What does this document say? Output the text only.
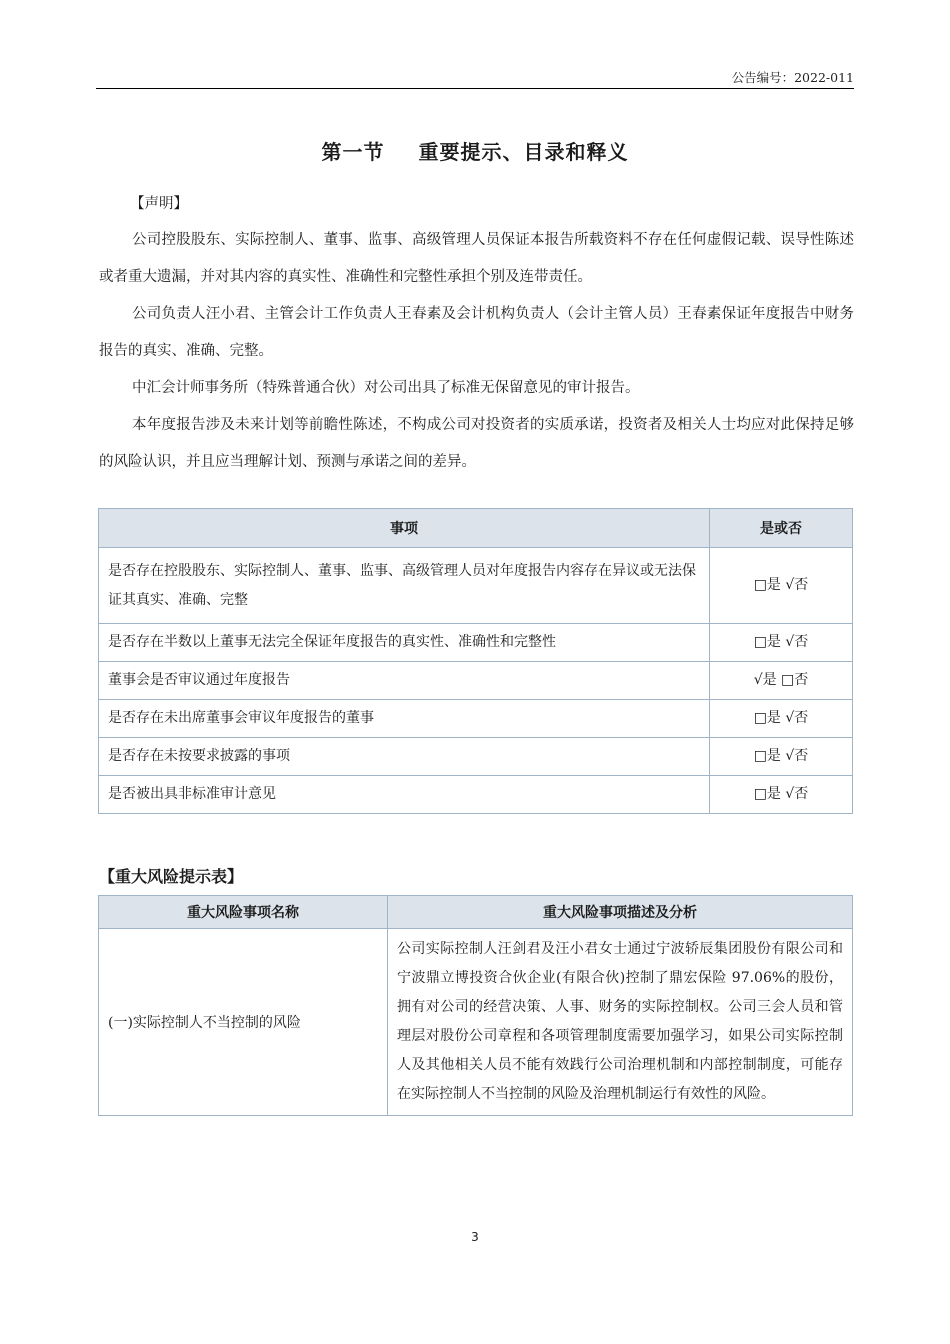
公告编号：2022-011
第一节 重要提示、目录和释义
【声明】
公司控股股东、实际控制人、董事、监事、高级管理人员保证本报告所载资料不存在任何虚假记载、误导性陈述或者重大遗漏，并对其内容的真实性、准确性和完整性承担个别及连带责任。
公司负责人汪小君、主管会计工作负责人王春素及会计机构负责人（会计主管人员）王春素保证年度报告中财务报告的真实、准确、完整。
中汇会计师事务所（特殊普通合伙）对公司出具了标准无保留意见的审计报告。
本年度报告涉及未来计划等前瞻性陈述，不构成公司对投资者的实质承诺，投资者及相关人士均应对此保持足够的风险认识，并且应当理解计划、预测与承诺之间的差异。
事项	是或否
是否存在控股股东、实际控制人、董事、监事、高级管理人员对年度报告内容存在异议或无法保证其真实、准确、完整	□是 √否
是否存在半数以上董事无法完全保证年度报告的真实性、准确性和完整性	□是 √否
董事会是否审议通过年度报告	√是 □否
是否存在未出席董事会审议年度报告的董事	□是 √否
是否存在未按要求披露的事项	□是 √否
是否被出具非标准审计意见	□是 √否
【重大风险提示表】
重大风险事项名称	重大风险事项描述及分析
(一)实际控制人不当控制的风险	公司实际控制人汪剑君及汪小君女士通过宁波轿辰集团股份有限公司和宁波鼎立博投资合伙企业(有限合伙)控制了鼎宏保险 97.06%的股份，拥有对公司的经营决策、人事、财务的实际控制权。公司三会人员和管理层对股份公司章程和各项管理制度需要加强学习，如果公司实际控制人及其他相关人员不能有效践行公司治理机制和内部控制制度，可能存在实际控制人不当控制的风险及治理机制运行有效性的风险。
3
